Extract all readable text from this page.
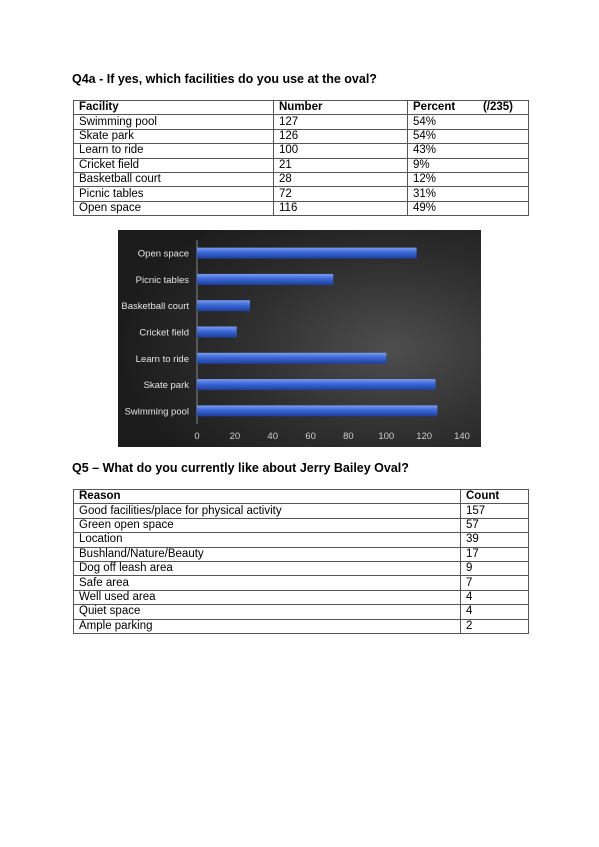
Q4a - If yes, which facilities do you use at the oval?

Facility	Number	Percent (/235)

Swimming pool	127	54%
Skate park	126	54%
Learn to ride	100	43%
Cricket field	21	9%
Basketball court	28	12%
Picnic tables	72	31%
Open space	116	49%
Open space
Picnic tables
Basketball court
Cricket field
Learn to ride
Skate park
Swimming pool
0	20	40	60	80	100 120 140

Q5 – What do you currently like about Jerry Bailey Oval?

Reason	Count
Good facilities/place for physical activity	157
Green open space	57
Location	39
Bushland/Nature/Beauty	17
Dog off leash area	9
Safe area	7
Well used area	4
Quiet space	4
Ample parking	2
